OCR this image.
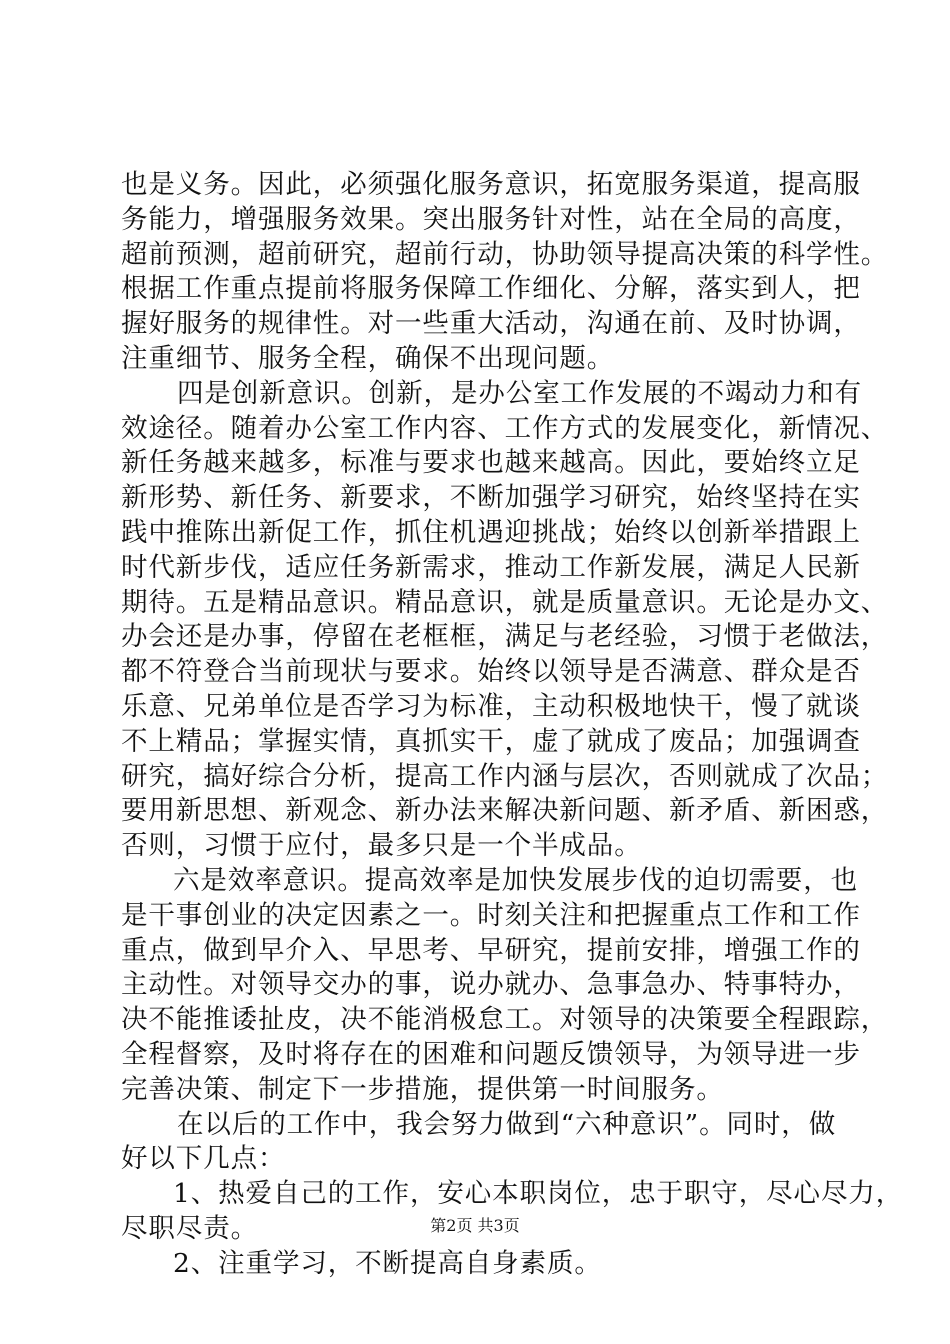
也是义务。因此，必须强化服务意识，拓宽服务渠道，提高服
务能力，增强服务效果。突出服务针对性，站在全局的高度，
超前预测，超前研究，超前行动，协助领导提高决策的科学性。
根据工作重点提前将服务保障工作细化、分解，落实到人，把
握好服务的规律性。对一些重大活动，沟通在前、及时协调，
注重细节、服务全程，确保不出现问题。
四是创新意识。创新，是办公室工作发展的不竭动力和有
效途径。随着办公室工作内容、工作方式的发展变化，新情况、
新任务越来越多，标准与要求也越来越高。因此，要始终立足
新形势、新任务、新要求，不断加强学习研究，始终坚持在实
践中推陈出新促工作，抓住机遇迎挑战；始终以创新举措跟上
时代新步伐，适应任务新需求，推动工作新发展，满足人民新
期待。五是精品意识。精品意识，就是质量意识。无论是办文、
办会还是办事，停留在老框框，满足与老经验，习惯于老做法，
都不符登合当前现状与要求。始终以领导是否满意、群众是否
乐意、兄弟单位是否学习为标准，主动积极地快干，慢了就谈
不上精品；掌握实情，真抓实干，虚了就成了废品；加强调查
研究，搞好综合分析，提高工作内涵与层次，否则就成了次品；
要用新思想、新观念、新办法来解决新问题、新矛盾、新困惑，
否则，习惯于应付，最多只是一个半成品。
六是效率意识。提高效率是加快发展步伐的迫切需要，也
是干事创业的决定因素之一。时刻关注和把握重点工作和工作
重点，做到早介入、早思考、早研究，提前安排，增强工作的
主动性。对领导交办的事，说办就办、急事急办、特事特办，
决不能推诿扯皮，决不能消极怠工。对领导的决策要全程跟踪，
全程督察，及时将存在的困难和问题反馈领导，为领导进一步
完善决策、制定下一步措施，提供第一时间服务。
在以后的工作中，我会努力做到“六种意识”。同时，做
好以下几点：
1、热爱自己的工作，安心本职岗位，忠于职守，尽心尽力，
尽职尽责。
2、注重学习，不断提高自身素质。
第2页 共3页
